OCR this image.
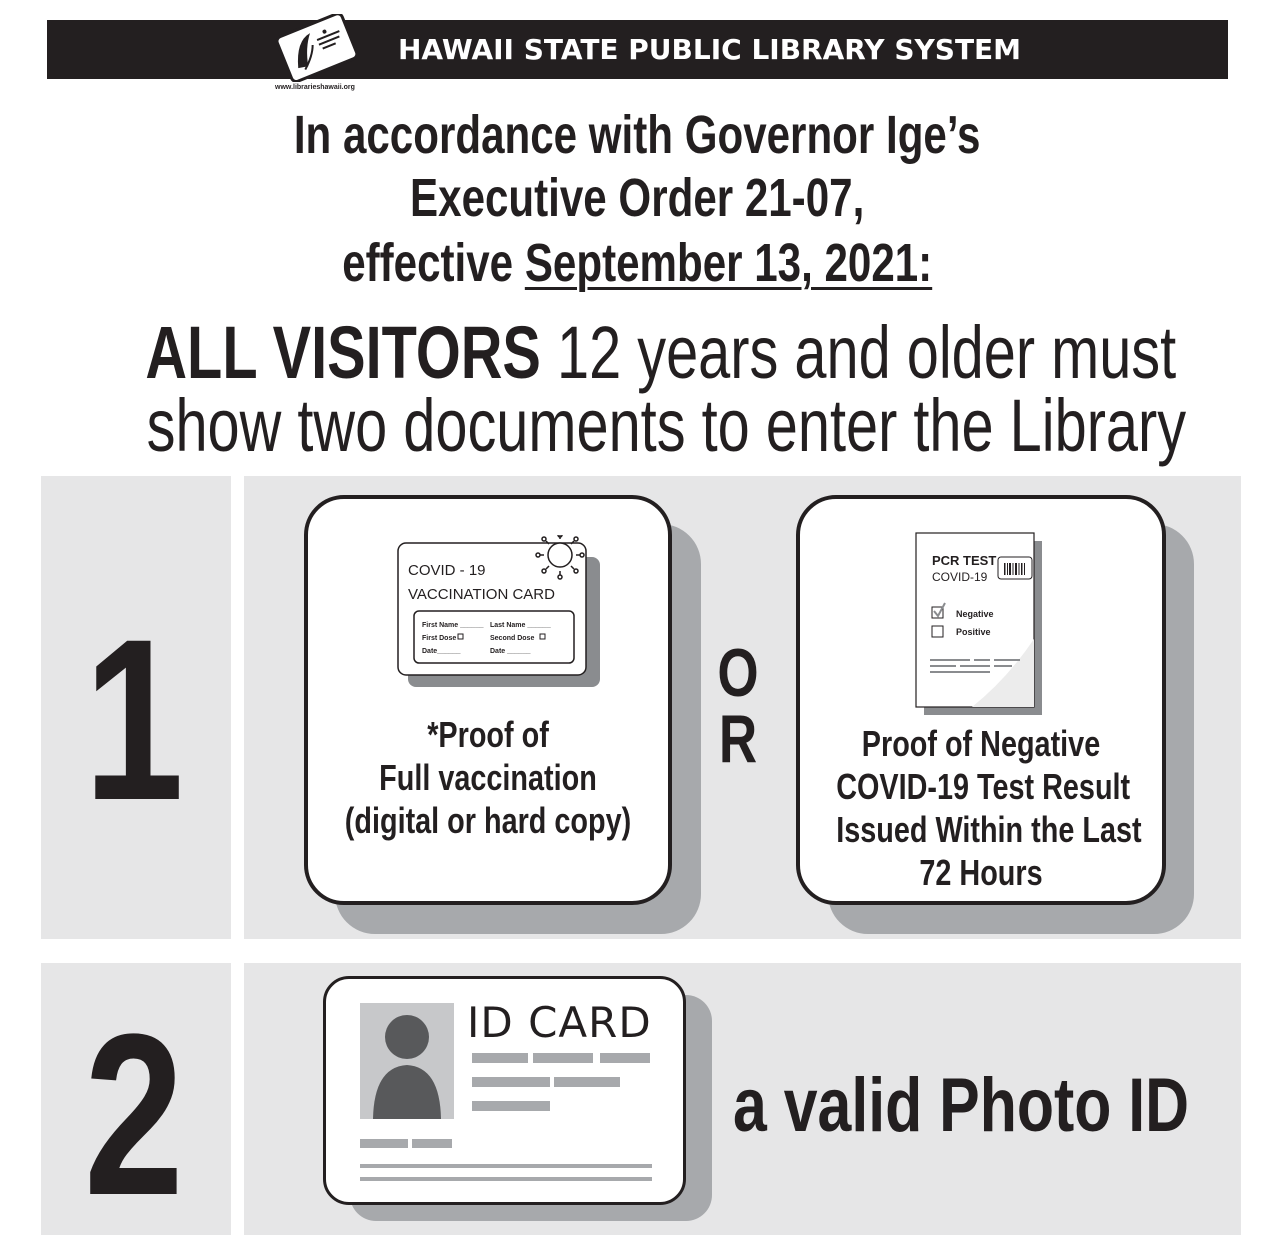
www.librarieshawaii.org
HAWAII STATE PUBLIC LIBRARY SYSTEM
In accordance with Governor Ige’s
Executive Order 21-07,
effective September 13, 2021:
ALL VISITORS 12 years and older must
show two documents to enter the Library
1
2
COVID - 19
VACCINATION CARD
First Name ______ Last Name ______
First Dose	Second Dose
Date______	Date ______
*Proof of
Full vaccination
(digital or hard copy)
O
R
PCR TEST
COVID-19
Negative
Positive
Proof of Negative
COVID-19 Test Result
Issued Within the Last
72 Hours
ID CARD
a valid Photo ID
